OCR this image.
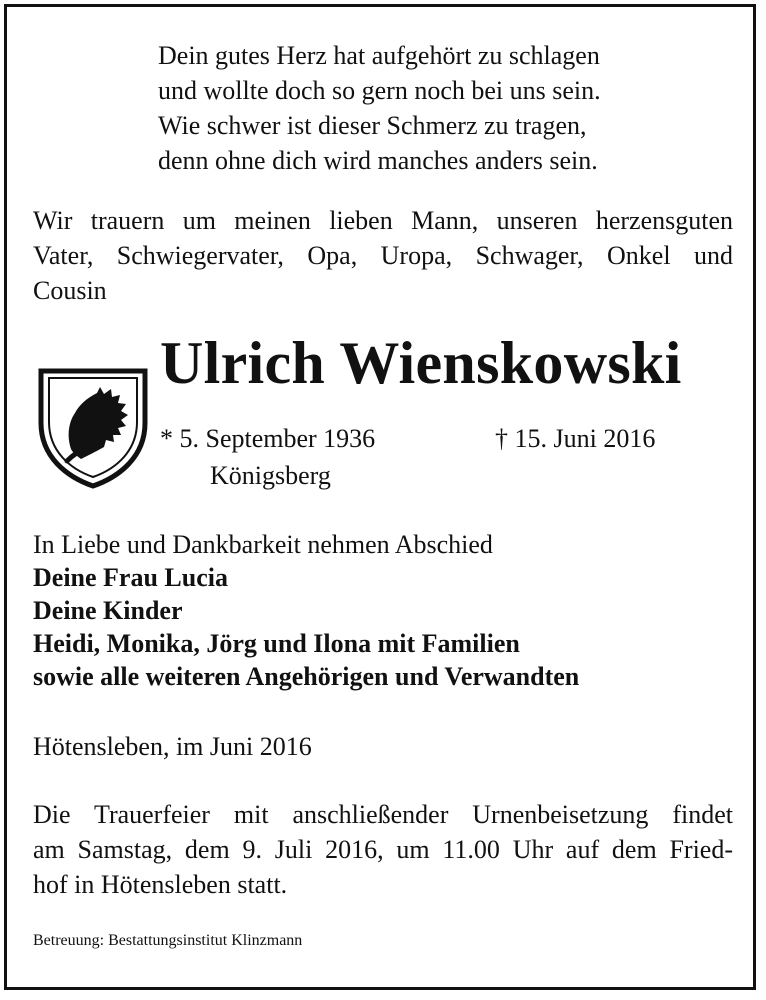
Dein gutes Herz hat aufgehört zu schlagen
und wollte doch so gern noch bei uns sein.
Wie schwer ist dieser Schmerz zu tragen,
denn ohne dich wird manches anders sein.
Wir trauern um meinen lieben Mann, unseren herzensguten
Vater, Schwiegervater, Opa, Uropa, Schwager, Onkel und
Cousin
Ulrich Wienskowski
* 5. September 1936
Königsberg
† 15. Juni 2016
In Liebe und Dankbarkeit nehmen Abschied
Deine Frau Lucia
Deine Kinder
Heidi, Monika, Jörg und Ilona mit Familien
sowie alle weiteren Angehörigen und Verwandten
Hötensleben, im Juni 2016
Die Trauerfeier mit anschließender Urnenbeisetzung findet
am Samstag, dem 9. Juli 2016, um 11.00 Uhr auf dem Fried-
hof in Hötensleben statt.
Betreuung: Bestattungsinstitut Klinzmann
